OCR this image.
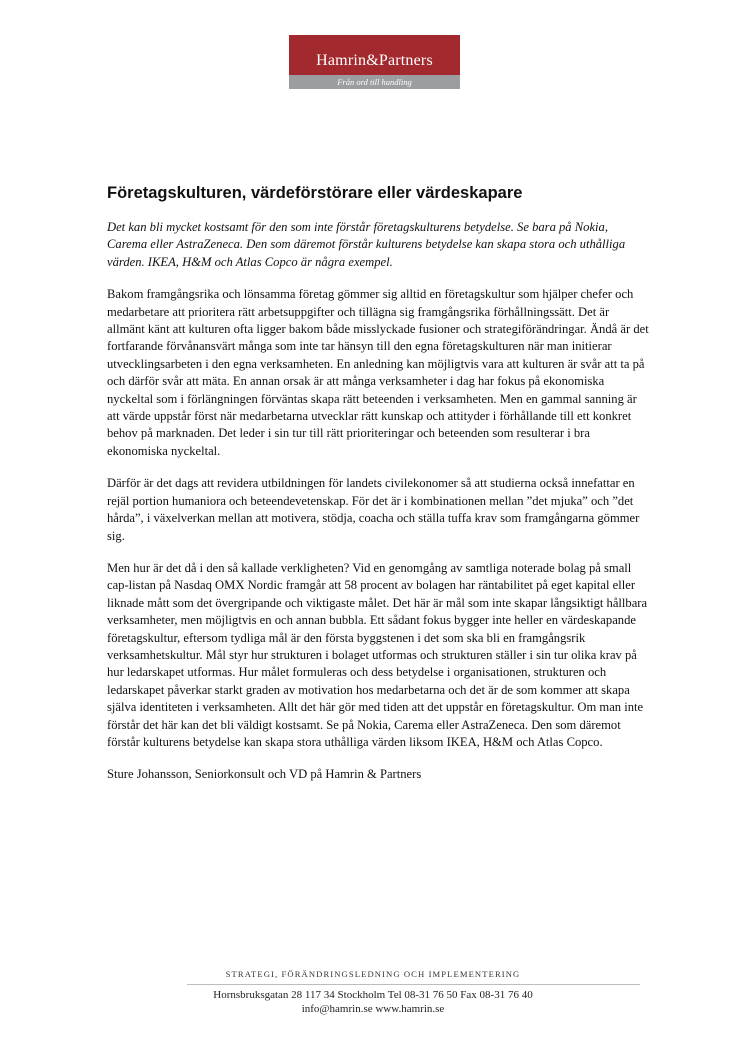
Hamrin&Partners
Från ord till handling
Företagskulturen, värdeförstörare eller värdeskapare

Det kan bli mycket kostsamt för den som inte förstår företagskulturens betydelse. Se bara på Nokia, Carema eller AstraZeneca. Den som däremot förstår kulturens betydelse kan skapa stora och uthålliga värden. IKEA, H&M och Atlas Copco är några exempel.

Bakom framgångsrika och lönsamma företag gömmer sig alltid en företagskultur som hjälper chefer och medarbetare att prioritera rätt arbetsuppgifter och tillägna sig framgångsrika förhållningssätt. Det är allmänt känt att kulturen ofta ligger bakom både misslyckade fusioner och strategiförändringar. Ändå är det fortfarande förvånansvärt många som inte tar hänsyn till den egna företagskulturen när man initierar utvecklingsarbeten i den egna verksamheten. En anledning kan möjligtvis vara att kulturen är svår att ta på och därför svår att mäta. En annan orsak är att många verksamheter i dag har fokus på ekonomiska nyckeltal som i förlängningen förväntas skapa rätt beteenden i verksamheten. Men en gammal sanning är att värde uppstår först när medarbetarna utvecklar rätt kunskap och attityder i förhållande till ett konkret behov på marknaden. Det leder i sin tur till rätt prioriteringar och beteenden som resulterar i bra ekonomiska nyckeltal.

Därför är det dags att revidera utbildningen för landets civilekonomer så att studierna också innefattar en rejäl portion humaniora och beteendevetenskap. För det är i kombinationen mellan ”det mjuka” och ”det hårda”, i växelverkan mellan att motivera, stödja, coacha och ställa tuffa krav som framgångarna gömmer sig.

Men hur är det då i den så kallade verkligheten? Vid en genomgång av samtliga noterade bolag på small cap-listan på Nasdaq OMX Nordic framgår att 58 procent av bolagen har räntabilitet på eget kapital eller liknade mått som det övergripande och viktigaste målet. Det här är mål som inte skapar långsiktigt hållbara verksamheter, men möjligtvis en och annan bubbla. Ett sådant fokus bygger inte heller en värdeskapande företagskultur, eftersom tydliga mål är den första byggstenen i det som ska bli en framgångsrik verksamhetskultur. Mål styr hur strukturen i bolaget utformas och strukturen ställer i sin tur olika krav på hur ledarskapet utformas. Hur målet formuleras och dess betydelse i organisationen, strukturen och ledarskapet påverkar starkt graden av motivation hos medarbetarna och det är de som kommer att skapa själva identiteten i verksamheten. Allt det här gör med tiden att det uppstår en företagskultur. Om man inte förstår det här kan det bli väldigt kostsamt. Se på Nokia, Carema eller AstraZeneca. Den som däremot förstår kulturens betydelse kan skapa stora uthålliga värden liksom IKEA, H&M och Atlas Copco.

Sture Johansson, Seniorkonsult och VD på Hamrin & Partners

STRATEGI, FÖRÄNDRINGSLEDNING OCH IMPLEMENTERING
Hornsbruksgatan 28 117 34 Stockholm Tel 08-31 76 50 Fax 08-31 76 40
info@hamrin.se www.hamrin.se
